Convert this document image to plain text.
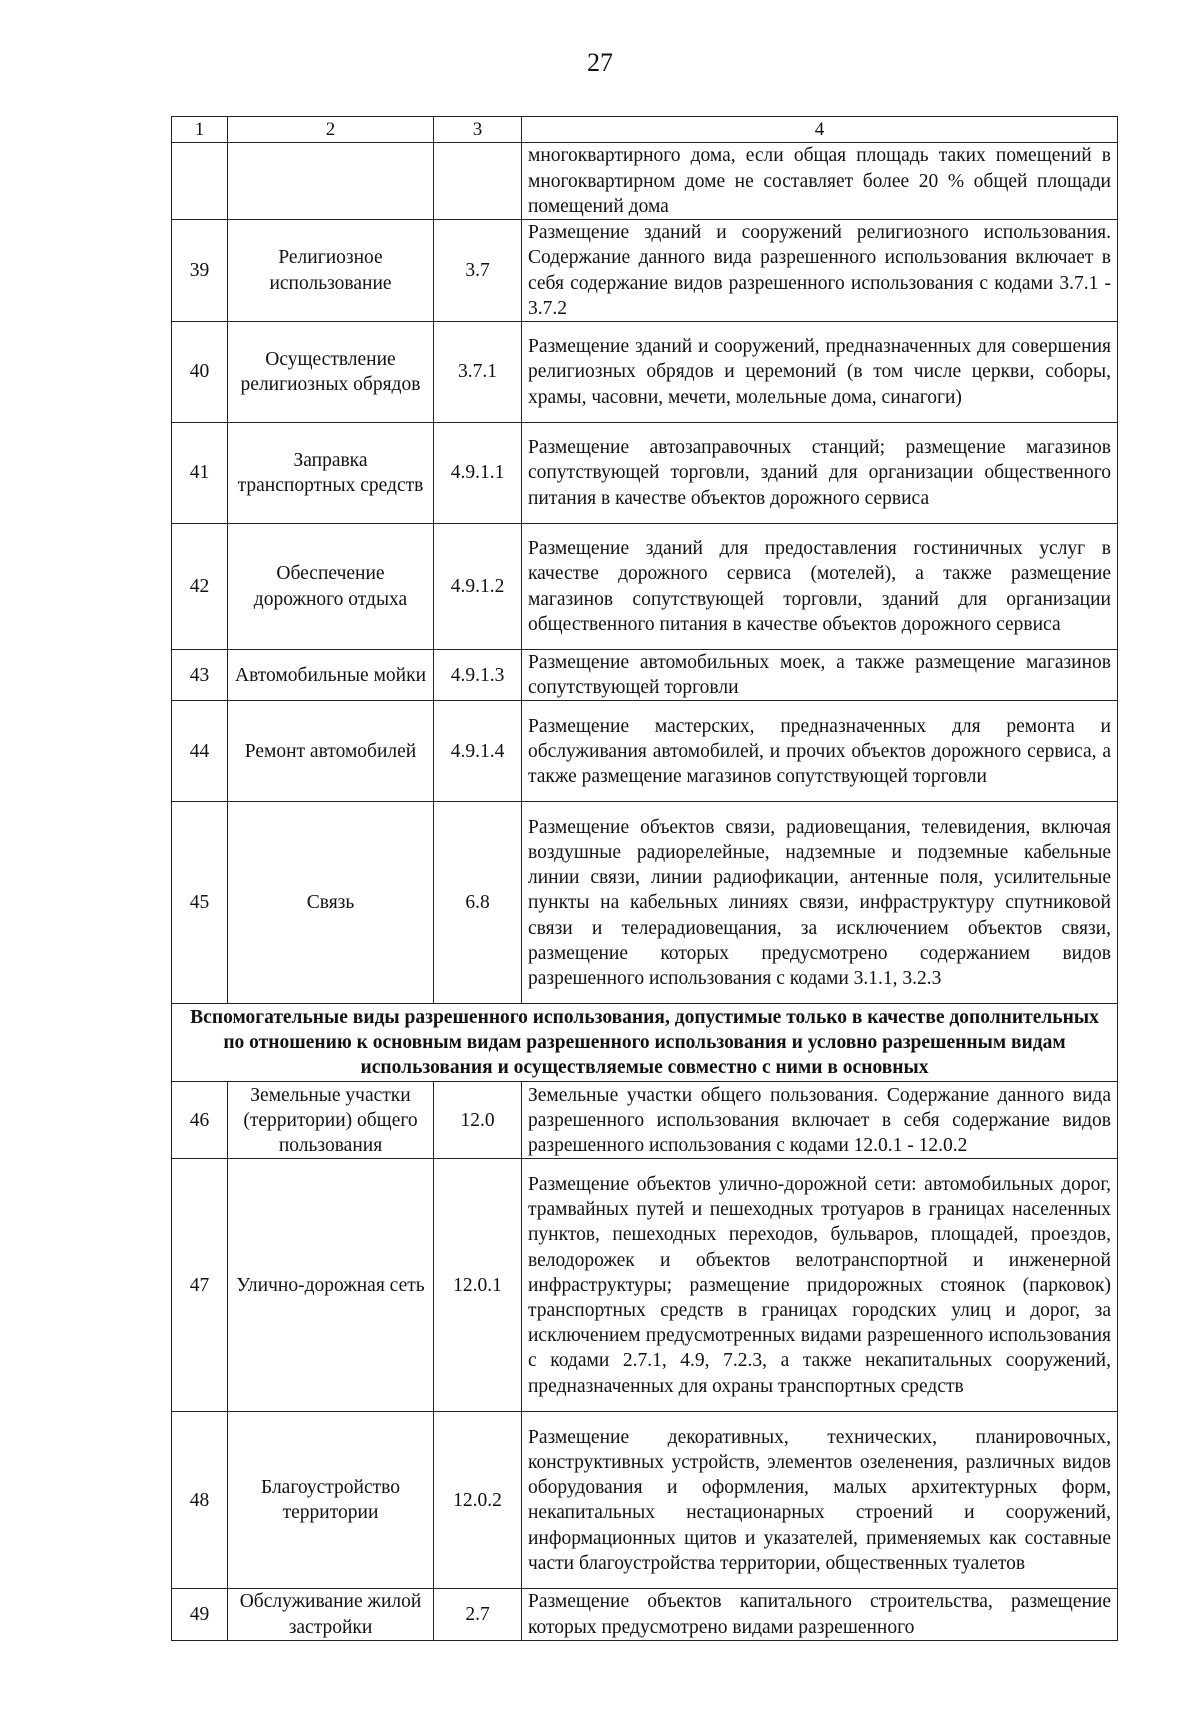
27
1	2	3	4
			многоквартирного дома, если общая площадь таких помещений в многоквартирном доме не составляет более 20 % общей площади помещений дома
39	Религиозное использование	3.7	Размещение зданий и сооружений религиозного использования. Содержание данного вида разрешенного использования включает в себя содержание видов разрешенного использования с кодами 3.7.1 - 3.7.2
40	Осуществление религиозных обрядов	3.7.1	Размещение зданий и сооружений, предназначенных для совершения религиозных обрядов и церемоний (в том числе церкви, соборы, храмы, часовни, мечети, молельные дома, синагоги)
41	Заправка транспортных средств	4.9.1.1	Размещение автозаправочных станций; размещение магазинов сопутствующей торговли, зданий для организации общественного питания в качестве объектов дорожного сервиса
42	Обеспечение дорожного отдыха	4.9.1.2	Размещение зданий для предоставления гостиничных услуг в качестве дорожного сервиса (мотелей), а также размещение магазинов сопутствующей торговли, зданий для организации общественного питания в качестве объектов дорожного сервиса
43	Автомобильные мойки	4.9.1.3	Размещение автомобильных моек, а также размещение магазинов сопутствующей торговли
44	Ремонт автомобилей	4.9.1.4	Размещение мастерских, предназначенных для ремонта и обслуживания автомобилей, и прочих объектов дорожного сервиса, а также размещение магазинов сопутствующей торговли
45	Связь	6.8	Размещение объектов связи, радиовещания, телевидения, включая воздушные радиорелейные, надземные и подземные кабельные линии связи, линии радиофикации, антенные поля, усилительные пункты на кабельных линиях связи, инфраструктуру спутниковой связи и телерадиовещания, за исключением объектов связи, размещение которых предусмотрено содержанием видов разрешенного использования с кодами 3.1.1, 3.2.3
Вспомогательные виды разрешенного использования, допустимые только в качестве дополнительных по отношению к основным видам разрешенного использования и условно разрешенным видам использования и осуществляемые совместно с ними в основных			
46	Земельные участки (территории) общего пользования	12.0	Земельные участки общего пользования. Содержание данного вида разрешенного использования включает в себя содержание видов разрешенного использования с кодами 12.0.1 - 12.0.2
47	Улично-дорожная сеть	12.0.1	Размещение объектов улично-дорожной сети: автомобильных дорог, трамвайных путей и пешеходных тротуаров в границах населенных пунктов, пешеходных переходов, бульваров, площадей, проездов, велодорожек и объектов велотранспортной и инженерной инфраструктуры; размещение придорожных стоянок (парковок) транспортных средств в границах городских улиц и дорог, за исключением предусмотренных видами разрешенного использования с кодами 2.7.1, 4.9, 7.2.3, а также некапитальных сооружений, предназначенных для охраны транспортных средств
48	Благоустройство территории	12.0.2	Размещение декоративных, технических, планировочных, конструктивных устройств, элементов озеленения, различных видов оборудования и оформления, малых архитектурных форм, некапитальных нестационарных строений и сооружений, информационных щитов и указателей, применяемых как составные части благоустройства территории, общественных туалетов
49	Обслуживание жилой застройки	2.7	Размещение объектов капитального строительства, размещение которых предусмотрено видами разрешенного
